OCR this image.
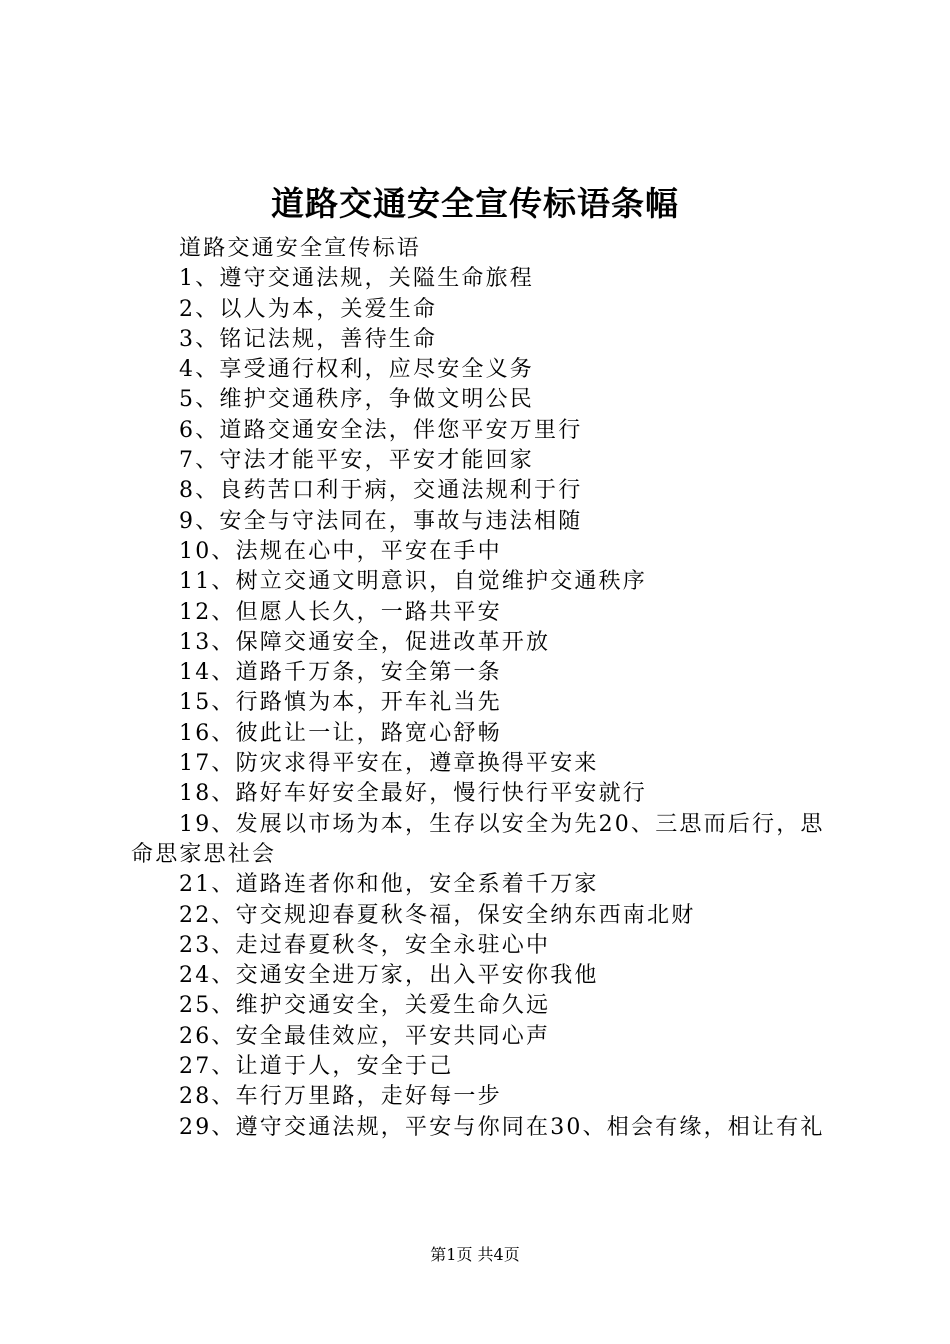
道路交通安全宣传标语条幅

道路交通安全宣传标语

1、遵守交通法规，关隘生命旅程

2、以人为本，关爱生命

3、铭记法规，善待生命

4、享受通行权利，应尽安全义务

5、维护交通秩序，争做文明公民

6、道路交通安全法，伴您平安万里行

7、守法才能平安，平安才能回家

8、良药苦口利于病，交通法规利于行

9、安全与守法同在，事故与违法相随

10、法规在心中，平安在手中

11、树立交通文明意识，自觉维护交通秩序

12、但愿人长久，一路共平安

13、保障交通安全，促进改革开放

14、道路千万条，安全第一条

15、行路慎为本，开车礼当先

16、彼此让一让，路宽心舒畅

17、防灾求得平安在，遵章换得平安来

18、路好车好安全最好，慢行快行平安就行

19、发展以市场为本，生存以安全为先20、三思而后行，思命思家思社会

21、道路连者你和他，安全系着千万家

22、守交规迎春夏秋冬福，保安全纳东西南北财

23、走过春夏秋冬，安全永驻心中

24、交通安全进万家，出入平安你我他

25、维护交通安全，关爱生命久远

26、安全最佳效应，平安共同心声

27、让道于人，安全于己

28、车行万里路，走好每一步

29、遵守交通法规，平安与你同在30、相会有缘，相让有礼

第1页 共4页
